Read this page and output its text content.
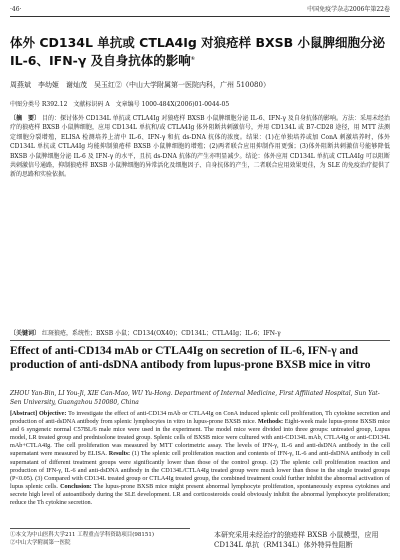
·46·	中国免疫学杂志2006年第22卷
体外 CD134L 单抗或 CTLA4Ig 对狼疮样 BXSB 小鼠脾细胞分泌 IL-6、IFN-γ 及自身抗体的影响①
周燕斌　李幼姬　谢灿茂　吴玉红②（中山大学附属第一医院内科，广州 510080）
中图分类号 R392.12　文献标识码 A　文章编号 1000-484X(2006)01-0044-05
〔摘　要〕 目的：探讨体外 CD134L 单抗或 CTLA4Ig 对狼疮样 BXSB 小鼠脾细胞分泌 IL-6、IFN-γ 及自身抗体的影响。方法：采用未经治疗的狼疮样 BXSB 小鼠脾细胞，应用 CD134L 单抗和/或 CTLA4Ig 体外阻断共刺激信号，并用 CD134L 或 B7-CD28 途径，用 MTT 法测定细胞分裂增殖，ELISA 检测培养上清中 IL-6、IFN-γ 和抗 ds-DNA 抗体的浓度。结果：(1)在单独培养或加 ConA 刺激培养时，体外 CD134L 单抗或 CTLA4Ig 均能抑制狼疮样 BXSB 小鼠脾细胞的增殖；(2)两者联合应用抑制作用更强；(3)体外阻断共刺激信号能够降低 BXSB 小鼠脾细胞分泌 IL-6 及 IFN-γ 的水平，且抗 ds-DNA 抗体的产生亦明显减少。结论：体外应用 CD134L 单抗或 CTLA4Ig 可以阻断共刺激信号通路，抑制狼疮样 BXSB 小鼠脾细胞的异常活化及细胞因子、自身抗体的产生，二者联合应用效果更佳，为 SLE 的免疫治疗提供了新的思路和实验依据。
〔关键词〕 红斑狼疮，系统性；BXSB 小鼠；CD134(OX40)；CD134L；CTLA4Ig；IL-6；IFN-γ
Effect of anti-CD134 mAb or CTLA4Ig on secretion of IL-6, IFN-γ and production of anti-dsDNA antibody from lupus-prone BXSB mice in vitro
ZHOU Yan-Bin, LI You-Ji, XIE Can-Mao, WU Yu-Hong. Department of Internal Medicine, First Affiliated Hospital, Sun Yat-Sen University, Guangzhou 510080, China
[Abstract] Objective: To investigate the effect of anti-CD134 mAb or CTLA4Ig on ConA induced splenic cell proliferation, Th cytokine secretion and production of anti-dsDNA antibody from splenic lymphocytes in vitro in lupus-prone BXSB mice. Methods: Eight-week male lupus-prone BXSB mice and 6 syngeneic normal C57BL/6 male mice were used in the experiment. The model mice were divided into three groups: untreated group, Lupus model, LR treated group and prednisolone treated group. Splenic cells of BXSB mice were cultured with anti-CD134L mAb, CTLA4Ig or anti-CD134L mAb+CTLA4Ig. The cell proliferation was measured by MTT colorimetric assay. The levels of IFN-γ, IL-6 and anti-dsDNA antibody in the cell supernatant were measured by ELISA. Results: (1) The splenic cell proliferation reaction and contents of IFN-γ, IL-6 and anti-dsDNA antibody in cell supernatant of different treatment groups were significantly lower than those of the control group. (2) The splenic cell proliferation reaction and production of IFN-γ, IL-6 and anti-dsDNA antibody in the CD134L/CTLA4Ig treated group were much lower than those in the single treated groups (P<0.05). (3) Compared with CD134L treated group or CTLA4Ig treated group, the combined treatment could further inhibit the abnormal activation of lupus splenic cells. Conclusion: The lupus-prone BXSB mice might present abnormal lymphocyte proliferation, spontaneously express cytokines and secrete high level of autoantibody during the SLE development. LR and corticosteroids could obviously inhibit the abnormal lymphocyte proliferation; reduce the Th cytokine secretion.
①本文为中山医科大学211 工程重点学科资助项目(98151)
②中山大学附属第一医院
本研究采用未经治疗的狼疮样 BXSB 小鼠模型，应用 CD134L 单抗（RM134L）体外特异性阻断
